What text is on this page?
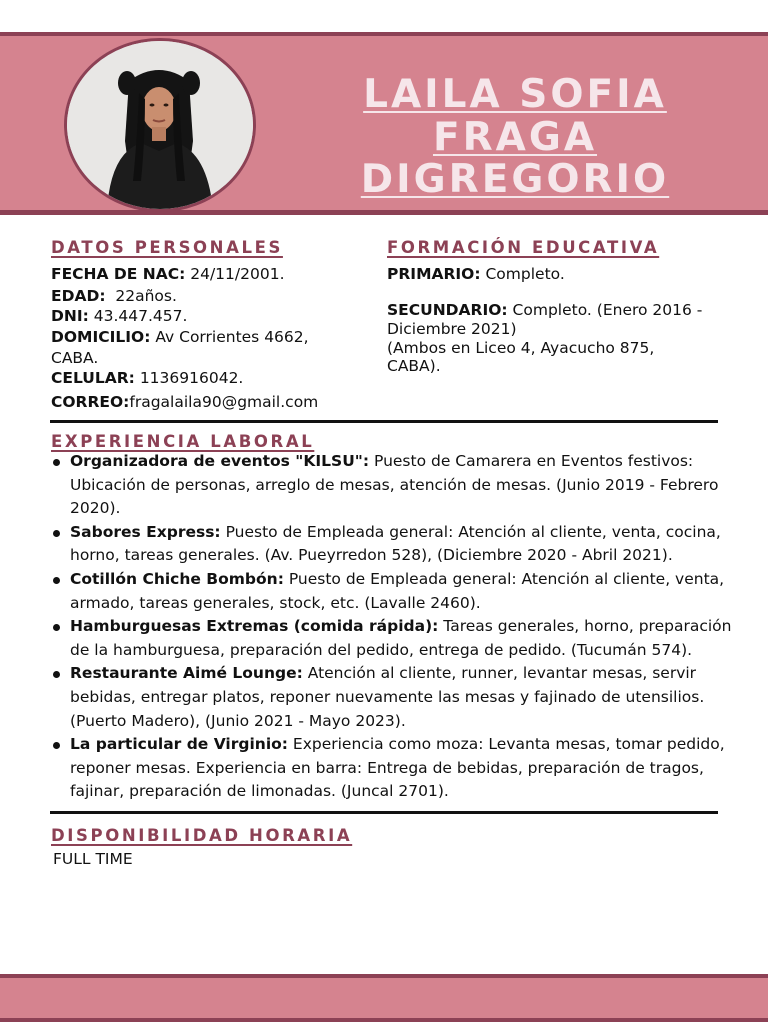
LAILA SOFIA
FRAGA DIGREGORIO
DATOS PERSONALES
FECHA DE NAC: 24/11/2001.
EDAD:  22años.
DNI: 43.447.457.
DOMICILIO: Av Corrientes 4662,
CABA.
CELULAR: 1136916042.
CORREO:fragalaila90@gmail.com
FORMACIÓN EDUCATIVA
PRIMARIO: Completo.
SECUNDARIO: Completo. (Enero 2016 -
Diciembre 2021)
(Ambos en Liceo 4, Ayacucho 875,
CABA).
EXPERIENCIA LABORAL
Organizadora de eventos "KILSU": Puesto de Camarera en Eventos festivos: Ubicación de personas, arreglo de mesas, atención de mesas. (Junio 2019 - Febrero 2020).
Sabores Express: Puesto de Empleada general: Atención al cliente, venta, cocina, horno, tareas generales. (Av. Pueyrredon 528), (Diciembre 2020 - Abril 2021).
Cotillón Chiche Bombón: Puesto de Empleada general: Atención al cliente, venta, armado, tareas generales, stock, etc. (Lavalle 2460).
Hamburguesas Extremas (comida rápida): Tareas generales, horno, preparación de la hamburguesa, preparación del pedido, entrega de pedido. (Tucumán 574).
Restaurante Aimé Lounge: Atención al cliente, runner, levantar mesas, servir bebidas, entregar platos, reponer nuevamente las mesas y fajinado de utensilios. (Puerto Madero), (Junio 2021 - Mayo 2023).
La particular de Virginio: Experiencia como moza: Levanta mesas, tomar pedido, reponer mesas. Experiencia en barra: Entrega de bebidas, preparación de tragos, fajinar, preparación de limonadas. (Juncal 2701).
DISPONIBILIDAD HORARIA
FULL TIME
